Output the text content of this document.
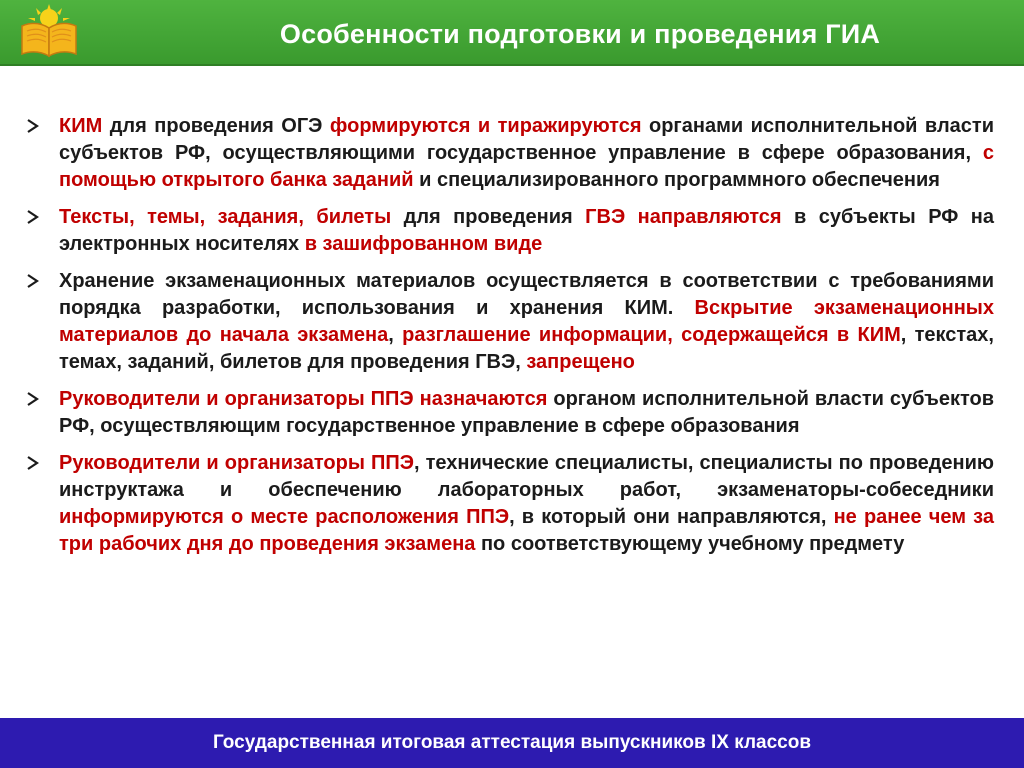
Особенности подготовки и проведения ГИА
КИМ для проведения ОГЭ формируются и тиражируются органами исполнительной власти субъектов РФ, осуществляющими государственное управление в сфере образования, с помощью открытого банка заданий и специализированного программного обеспечения
Тексты, темы, задания, билеты для проведения ГВЭ направляются в субъекты РФ на электронных носителях в зашифрованном виде
Хранение экзаменационных материалов осуществляется в соответствии с требованиями порядка разработки, использования и хранения КИМ. Вскрытие экзаменационных материалов до начала экзамена, разглашение информации, содержащейся в КИМ, текстах, темах, заданий, билетов для проведения ГВЭ, запрещено
Руководители и организаторы ППЭ назначаются органом исполнительной власти субъектов РФ, осуществляющим государственное управление в сфере образования
Руководители и организаторы ППЭ, технические специалисты, специалисты по проведению инструктажа и обеспечению лабораторных работ, экзаменаторы-собеседники информируются о месте расположения ППЭ, в который они направляются, не ранее чем за три рабочих дня до проведения экзамена по соответствующему учебному предмету
Государственная итоговая аттестация выпускников IX классов
